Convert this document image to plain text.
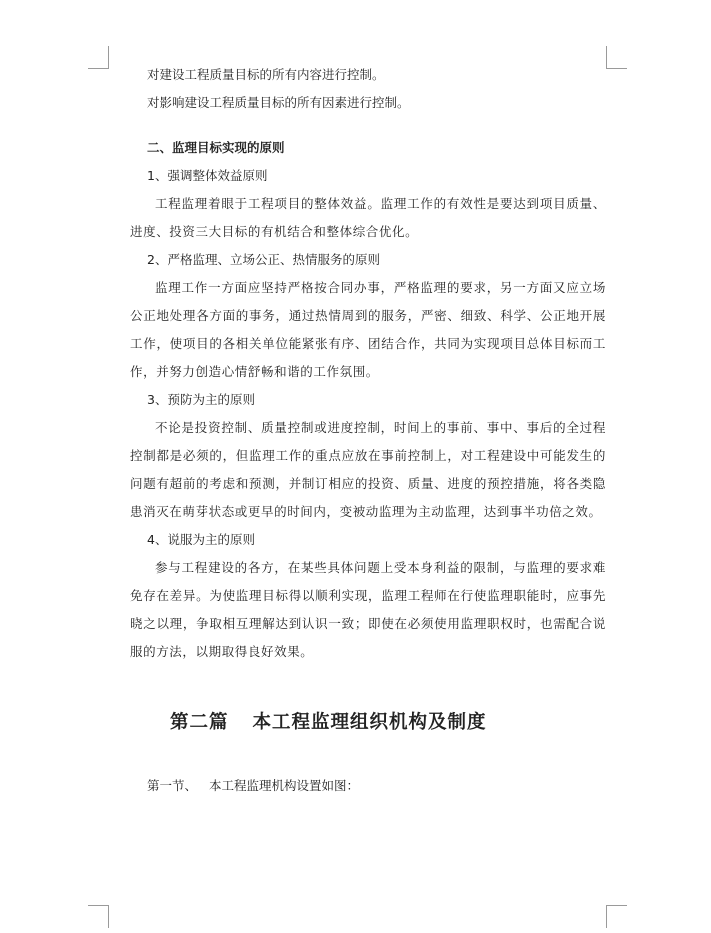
对建设工程质量目标的所有内容进行控制。
对影响建设工程质量目标的所有因素进行控制。
二、监理目标实现的原则
1、强调整体效益原则

工程监理着眼于工程项目的整体效益。监理工作的有效性是要达到项目质量、进度、投资三大目标的有机结合和整体综合优化。

2、严格监理、立场公正、热情服务的原则

监理工作一方面应坚持严格按合同办事，严格监理的要求，另一方面又应立场公正地处理各方面的事务，通过热情周到的服务，严密、细致、科学、公正地开展工作，使项目的各相关单位能紧张有序、团结合作，共同为实现项目总体目标而工作，并努力创造心情舒畅和谐的工作氛围。

3、预防为主的原则

不论是投资控制、质量控制或进度控制，时间上的事前、事中、事后的全过程控制都是必须的，但监理工作的重点应放在事前控制上，对工程建设中可能发生的问题有超前的考虑和预测，并制订相应的投资、质量、进度的预控措施，将各类隐患消灭在萌芽状态或更早的时间内，变被动监理为主动监理，达到事半功倍之效。

4、说服为主的原则

参与工程建设的各方，在某些具体问题上受本身利益的限制，与监理的要求难免存在差异。为使监理目标得以顺利实现，监理工程师在行使监理职能时，应事先晓之以理，争取相互理解达到认识一致；即使在必须使用监理职权时，也需配合说服的方法，以期取得良好效果。

第二篇 本工程监理组织机构及制度
第一节、 本工程监理机构设置如图：
